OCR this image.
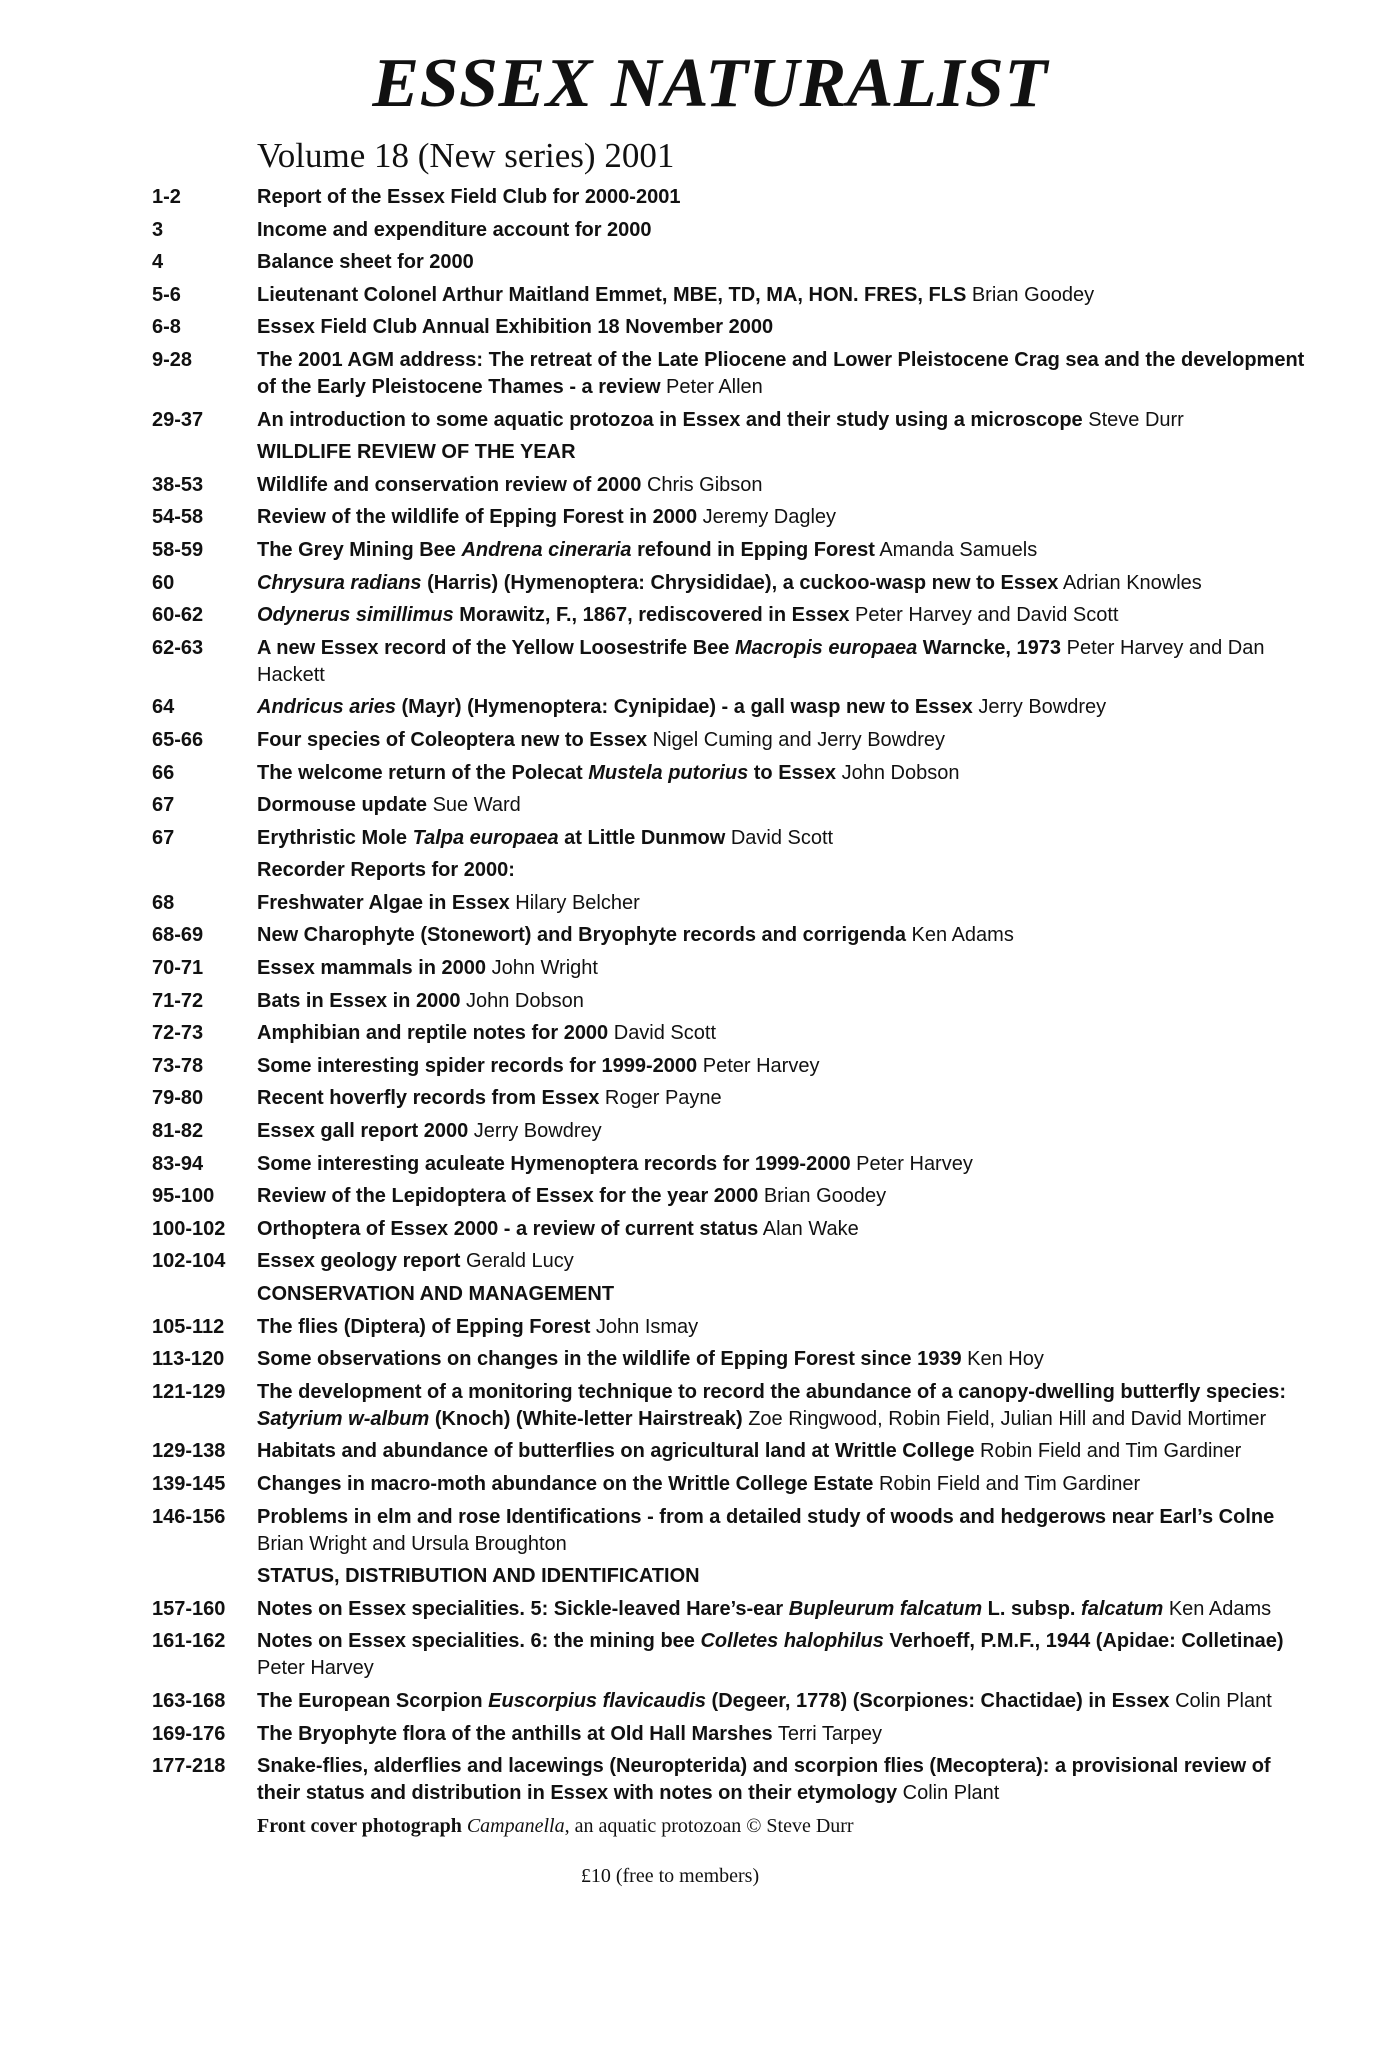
ESSEX NATURALIST
Volume 18 (New series) 2001
1-2	Report of the Essex Field Club for 2000-2001
3	Income and expenditure account for 2000
4	Balance sheet for 2000
5-6	Lieutenant Colonel Arthur Maitland Emmet, MBE, TD, MA, HON. FRES, FLS Brian Goodey
6-8	Essex Field Club Annual Exhibition 18 November 2000
9-28	The 2001 AGM address: The retreat of the Late Pliocene and Lower Pleistocene Crag sea and the development of the Early Pleistocene Thames - a review Peter Allen
29-37	An introduction to some aquatic protozoa in Essex and their study using a microscope Steve Durr
WILDLIFE REVIEW OF THE YEAR
38-53	Wildlife and conservation review of 2000 Chris Gibson
54-58	Review of the wildlife of Epping Forest in 2000 Jeremy Dagley
58-59	The Grey Mining Bee Andrena cineraria refound in Epping Forest Amanda Samuels
60	Chrysura radians (Harris) (Hymenoptera: Chrysididae), a cuckoo-wasp new to Essex Adrian Knowles
60-62	Odynerus simillimus Morawitz, F., 1867, rediscovered in Essex Peter Harvey and David Scott
62-63	A new Essex record of the Yellow Loosestrife Bee Macropis europaea Warncke, 1973 Peter Harvey and Dan Hackett
64	Andricus aries (Mayr) (Hymenoptera: Cynipidae) - a gall wasp new to Essex Jerry Bowdrey
65-66	Four species of Coleoptera new to Essex Nigel Cuming and Jerry Bowdrey
66	The welcome return of the Polecat Mustela putorius to Essex John Dobson
67	Dormouse update Sue Ward
67	Erythristic Mole Talpa europaea at Little Dunmow David Scott
Recorder Reports for 2000:
68	Freshwater Algae in Essex Hilary Belcher
68-69	New Charophyte (Stonewort) and Bryophyte records and corrigenda Ken Adams
70-71	Essex mammals in 2000 John Wright
71-72	Bats in Essex in 2000 John Dobson
72-73	Amphibian and reptile notes for 2000 David Scott
73-78	Some interesting spider records for 1999-2000 Peter Harvey
79-80	Recent hoverfly records from Essex Roger Payne
81-82	Essex gall report 2000 Jerry Bowdrey
83-94	Some interesting aculeate Hymenoptera records for 1999-2000 Peter Harvey
95-100	Review of the Lepidoptera of Essex for the year 2000 Brian Goodey
100-102	Orthoptera of Essex 2000 - a review of current status Alan Wake
102-104	Essex geology report Gerald Lucy
CONSERVATION AND MANAGEMENT
105-112	The flies (Diptera) of Epping Forest John Ismay
113-120	Some observations on changes in the wildlife of Epping Forest since 1939 Ken Hoy
121-129	The development of a monitoring technique to record the abundance of a canopy-dwelling butterfly species: Satyrium w-album (Knoch) (White-letter Hairstreak) Zoe Ringwood, Robin Field, Julian Hill and David Mortimer
129-138	Habitats and abundance of butterflies on agricultural land at Writtle College Robin Field and Tim Gardiner
139-145	Changes in macro-moth abundance on the Writtle College Estate Robin Field and Tim Gardiner
146-156	Problems in elm and rose Identifications - from a detailed study of woods and hedgerows near Earl’s Colne Brian Wright and Ursula Broughton
STATUS, DISTRIBUTION AND IDENTIFICATION
157-160	Notes on Essex specialities. 5: Sickle-leaved Hare’s-ear Bupleurum falcatum L. subsp. falcatum Ken Adams
161-162	Notes on Essex specialities. 6: the mining bee Colletes halophilus Verhoeff, P.M.F., 1944 (Apidae: Colletinae) Peter Harvey
163-168	The European Scorpion Euscorpius flavicaudis (Degeer, 1778) (Scorpiones: Chactidae) in Essex Colin Plant
169-176	The Bryophyte flora of the anthills at Old Hall Marshes Terri Tarpey
177-218	Snake-flies, alderflies and lacewings (Neuropterida) and scorpion flies (Mecoptera): a provisional review of their status and distribution in Essex with notes on their etymology Colin Plant
Front cover photograph Campanella, an aquatic protozoan © Steve Durr
£10 (free to members)
